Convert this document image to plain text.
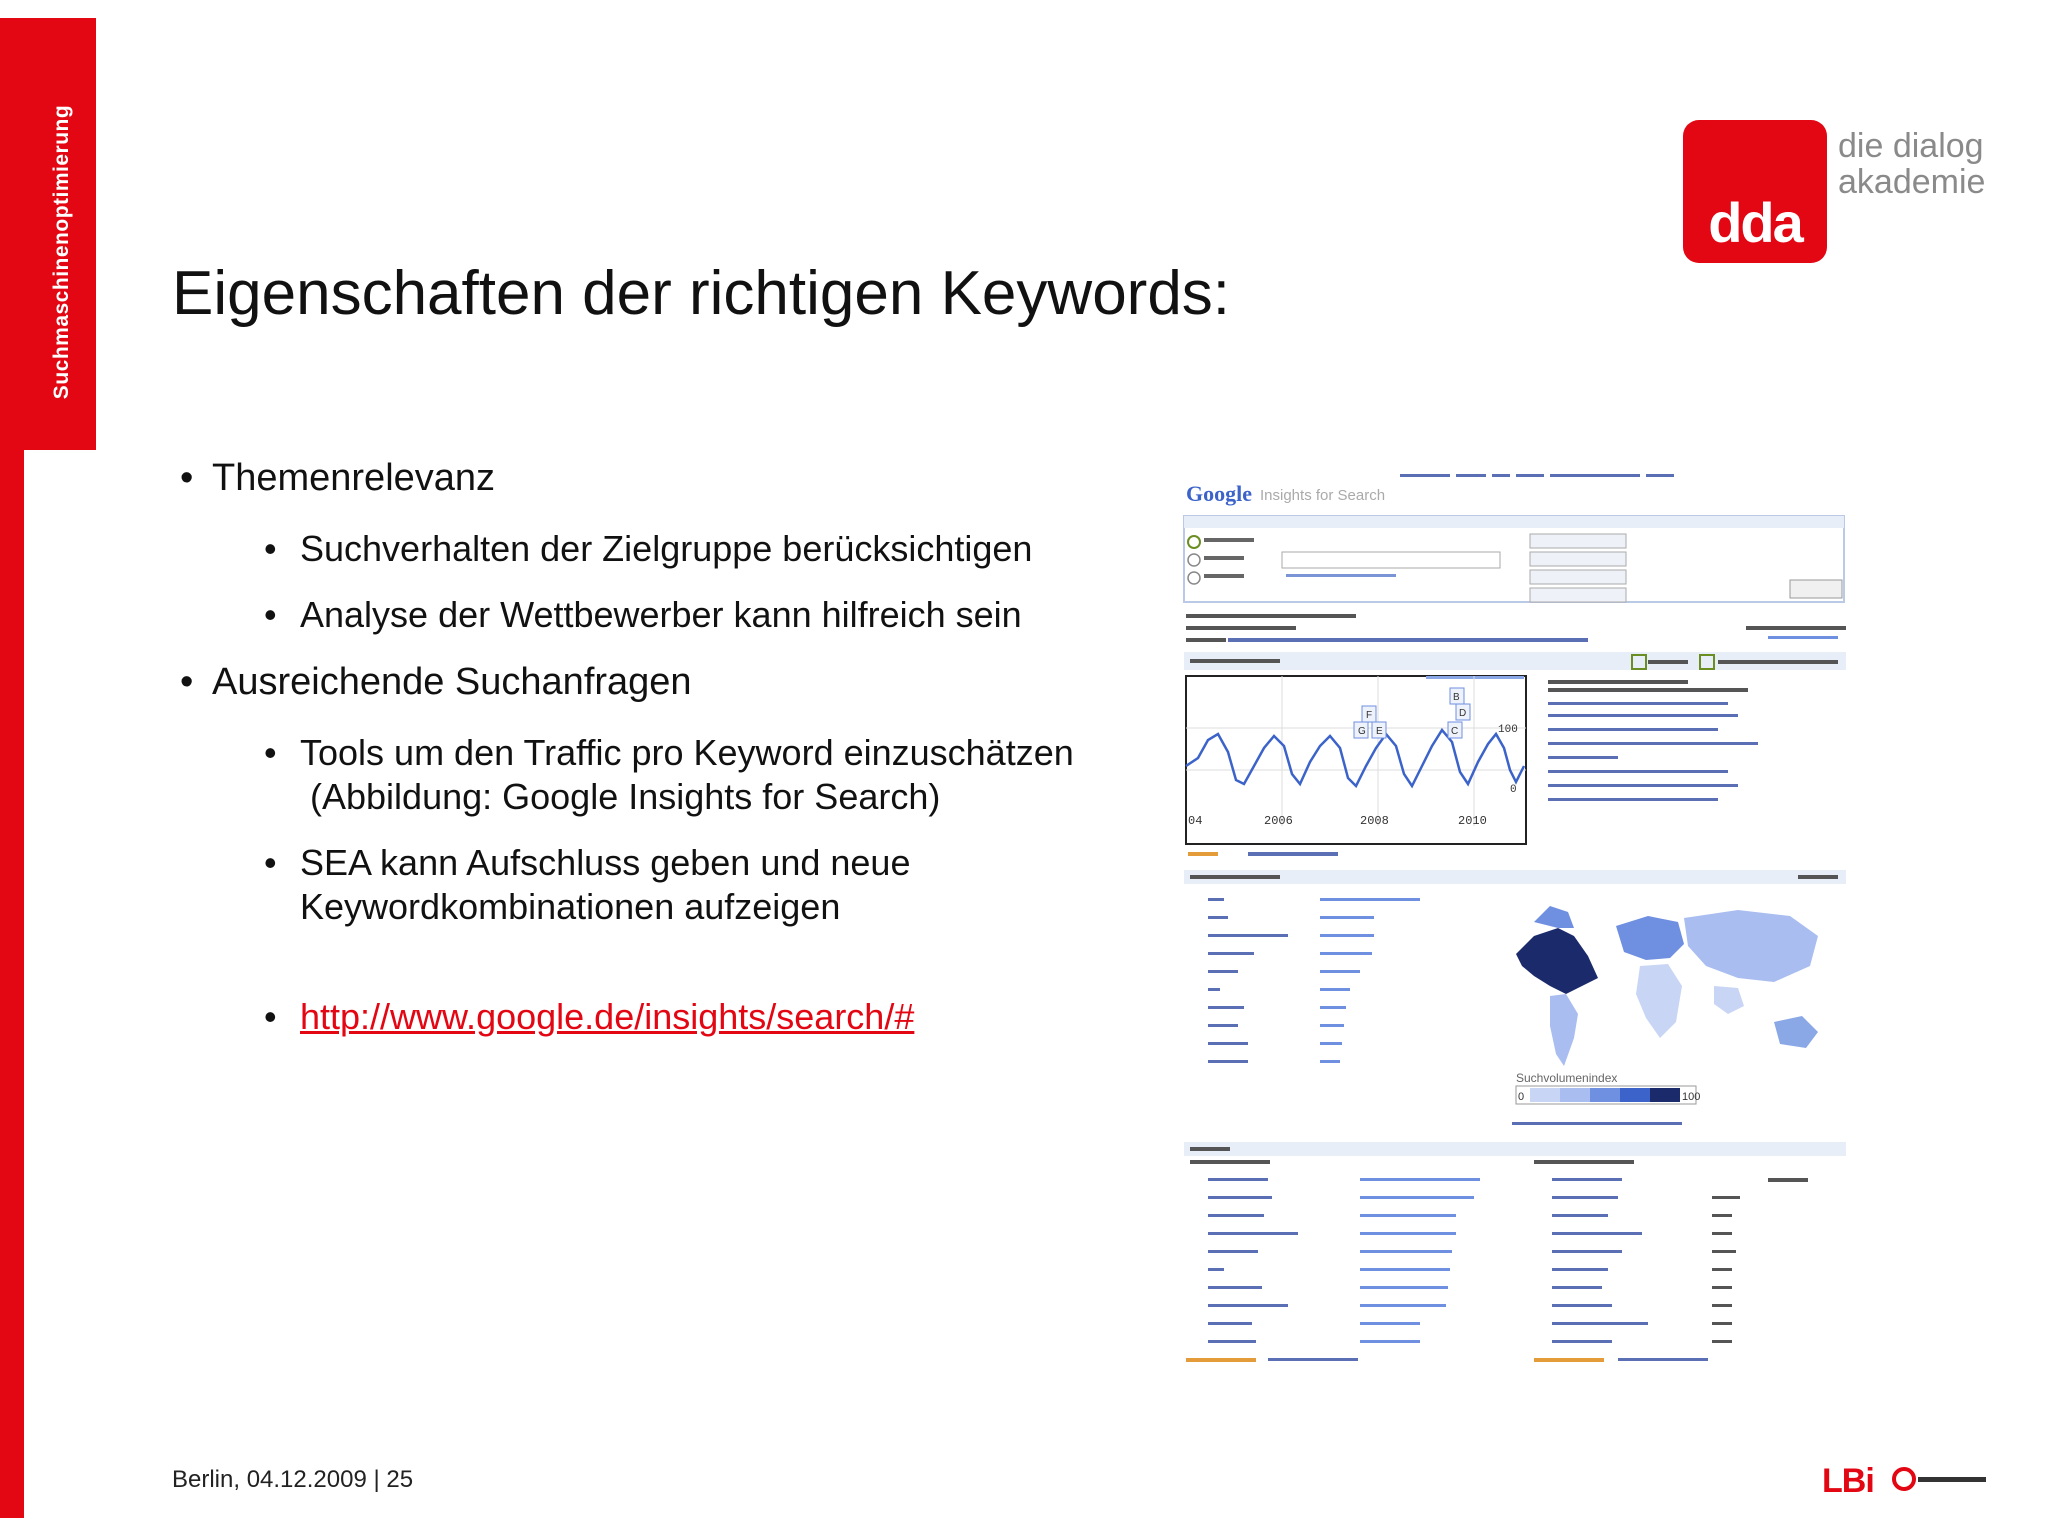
Suchmaschinenoptimierung	dda
die dialog
akademie
Eigenschaften der richtigen Keywords:
• Themenrelevanz
• Suchverhalten der Zielgruppe berücksichtigen
• Analyse der Wettbewerber kann hilfreich sein
• Ausreichende Suchanfragen
• Tools um den Traffic pro Keyword einzuschätzen
(Abbildung: Google Insights for Search)
• SEA kann Aufschluss geben und neue
Keywordkombinationen aufzeigen
• http://www.google.de/insights/search/#
Google Insights for Search
F
G E	C
D
B
100
0
04	2006	2008	2010
Suchvolumenindex
0	100
Berlin, 04.12.2009 | 25	LBi
